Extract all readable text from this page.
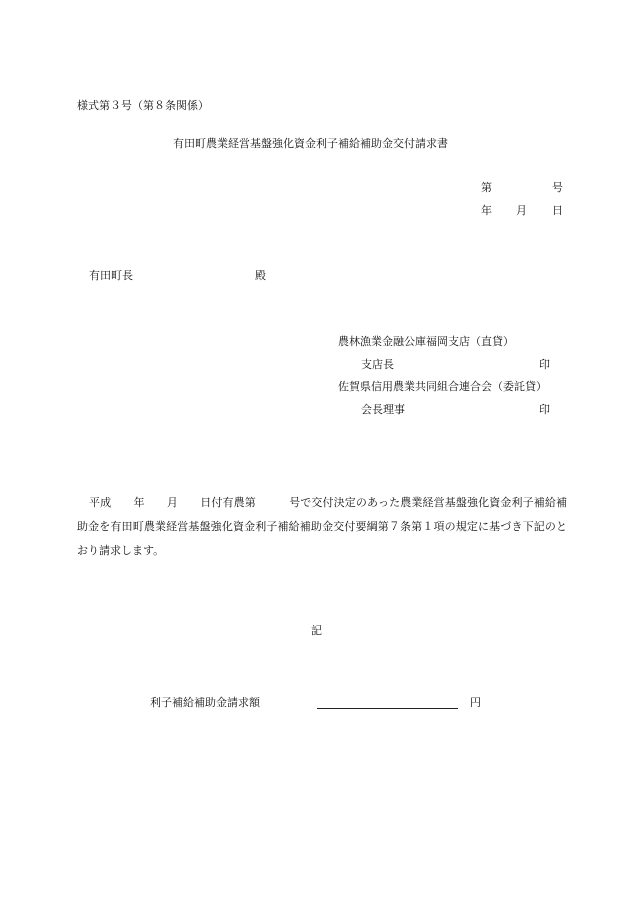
様式第３号（第８条関係）
有田町農業経営基盤強化資金利子補給補助金交付請求書
第	号
年 月 日
有田町長	殿
農林漁業金融公庫福岡支店（直貸）
支店長	印
佐賀県信用農業共同組合連合会（委託貸）
会長理事	印
平成　　年　　月　　日付有農第　　　号で交付決定のあった農業経営基盤強化資金利子補給補助金を有田町農業経営基盤強化資金利子補給補助金交付要綱第７条第１項の規定に基づき下記のとおり請求します。
記
利子補給補助金請求額	円
